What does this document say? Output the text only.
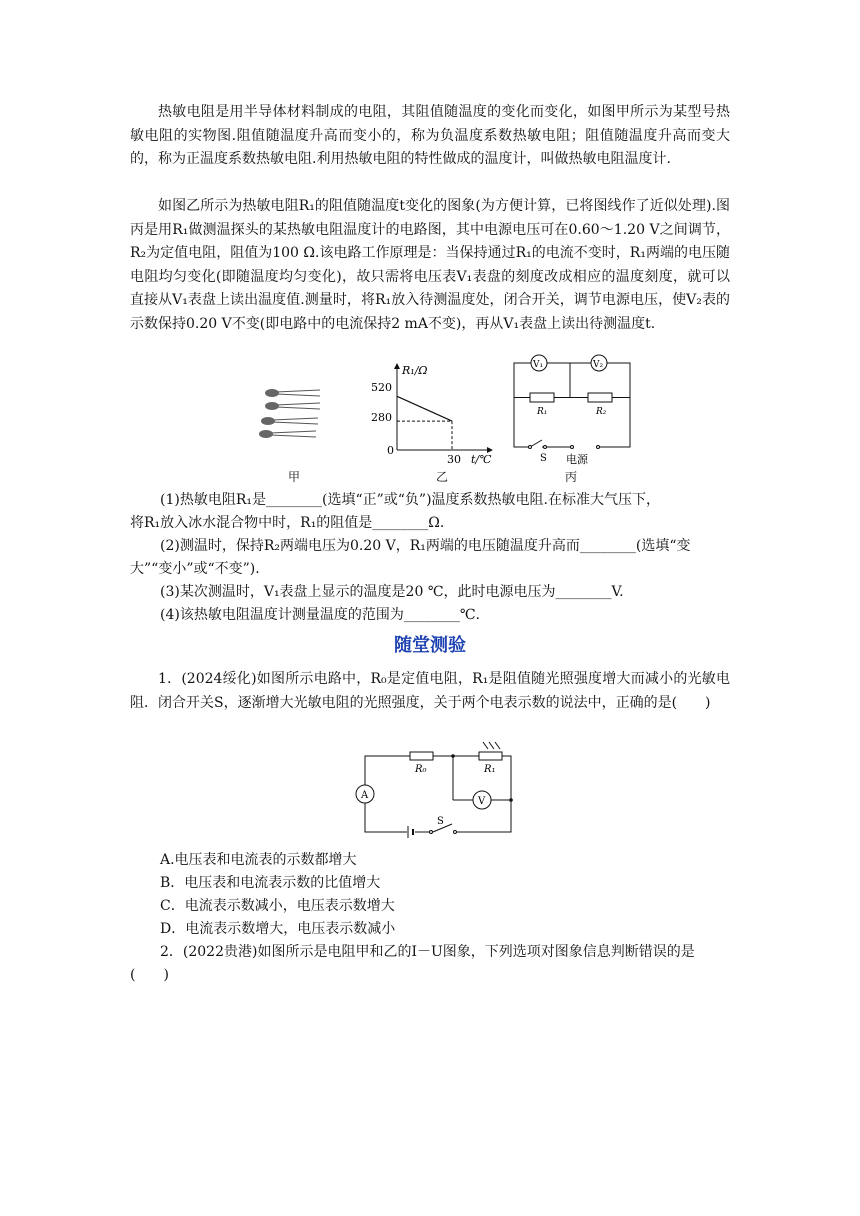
热敏电阻是用半导体材料制成的电阻，其阻值随温度的变化而变化，如图甲所示为某型号热敏电阻的实物图.阻值随温度升高而变小的，称为负温度系数热敏电阻；阻值随温度升高而变大的，称为正温度系数热敏电阻.利用热敏电阻的特性做成的温度计，叫做热敏电阻温度计.

如图乙所示为热敏电阻R₁的阻值随温度t变化的图象(为方便计算，已将图线作了近似处理).图丙是用R₁做测温探头的某热敏电阻温度计的电路图，其中电源电压可在0.60～1.20 V之间调节，R₂为定值电阻，阻值为100 Ω.该电路工作原理是：当保持通过R₁的电流不变时，R₁两端的电压随电阻均匀变化(即随温度均匀变化)，故只需将电压表V₁表盘的刻度改成相应的温度刻度，就可以直接从V₁表盘上读出温度值.测量时，将R₁放入待测温度处，闭合开关，调节电源电压，使V₂表的示数保持0.20 V不变(即电路中的电流保持2 mA不变)，再从V₁表盘上读出待测温度t.

甲
R₁/Ω
t/℃
520
280
0
30
乙
V₁	V₂
R₁	R₂
S 电源
丙
(1)热敏电阻R₁是________(选填“正”或“负”)温度系数热敏电阻.在标准大气压下，
将R₁放入冰水混合物中时，R₁的阻值是________Ω.
(2)测温时，保持R₂两端电压为0.20 V，R₁两端的电压随温度升高而________(选填“变
大”“变小”或“不变”).
(3)某次测温时，V₁表盘上显示的温度是20 ℃，此时电源电压为________V.
(4)该热敏电阻温度计测量温度的范围为________℃.
随堂测验

1．(2024绥化)如图所示电路中，R₀是定值电阻，R₁是阻值随光照强度增大而减小的光敏电阻．闭合开关S，逐渐增大光敏电阻的光照强度，关于两个电表示数的说法中，正确的是(　　)

A
V
R₀	R₁
S
A.电压表和电流表的示数都增大
B．电压表和电流表示数的比值增大
C．电流表示数减小，电压表示数增大
D．电流表示数增大，电压表示数减小
2．(2022贵港)如图所示是电阻甲和乙的I－U图象，下列选项对图象信息判断错误的是
(　　)
